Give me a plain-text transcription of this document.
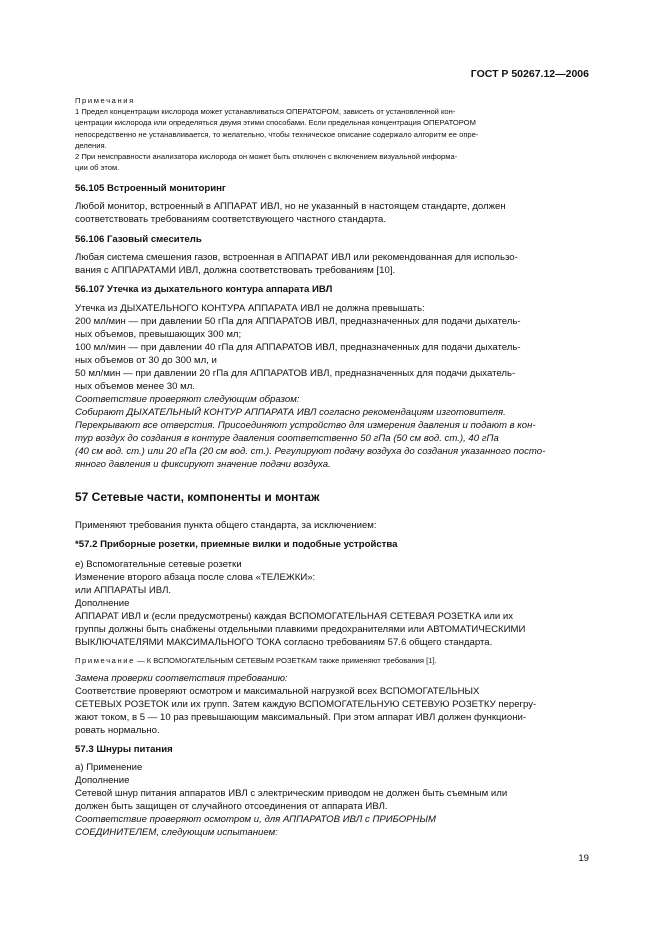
ГОСТ Р 50267.12—2006
Примечания
1 Предел концентрации кислорода может устанавливаться ОПЕРАТОРОМ, зависеть от установленной кон-
центрации кислорода или определяться двумя этими способами. Если предельная концентрация ОПЕРАТОРОМ
непосредственно не устанавливается, то желательно, чтобы техническое описание содержало алгоритм ее опре-
деления.
2 При неисправности анализатора кислорода он может быть отключен с включением визуальной информа-
ции об этом.
56.105 Встроенный мониторинг
Любой монитор, встроенный в АППАРАТ ИВЛ, но не указанный в настоящем стандарте, должен
соответствовать требованиям соответствующего частного стандарта.
56.106 Газовый смеситель
Любая система смешения газов, встроенная в АППАРАТ ИВЛ или рекомендованная для использо-
вания с АППАРАТАМИ ИВЛ, должна соответствовать требованиям [10].
56.107 Утечка из дыхательного контура аппарата ИВЛ
Утечка из ДЫХАТЕЛЬНОГО КОНТУРА АППАРАТА ИВЛ не должна превышать:
200 мл/мин — при давлении 50 гПа для АППАРАТОВ ИВЛ, предназначенных для подачи дыхатель-
ных объемов, превышающих 300 мл;
100 мл/мин — при давлении 40 гПа для АППАРАТОВ ИВЛ, предназначенных для подачи дыхатель-
ных объемов от 30 до 300 мл, и
50 мл/мин — при давлении 20 гПа для АППАРАТОВ ИВЛ, предназначенных для подачи дыхатель-
ных объемов менее 30 мл.
Соответствие проверяют следующим образом:
Собирают ДЫХАТЕЛЬНЫЙ КОНТУР АППАРАТА ИВЛ согласно рекомендациям изготовителя.
Перекрывают все отверстия. Присоединяют устройство для измерения давления и подают в кон-
тур воздух до создания в контуре давления соответственно 50 гПа (50 см вод. ст.), 40 гПа
(40 см вод. ст.) или 20 гПа (20 см вод. ст.). Регулируют подачу воздуха до создания указанного посто-
янного давления и фиксируют значение подачи воздуха.
57 Сетевые части, компоненты и монтаж
Применяют требования пункта общего стандарта, за исключением:
*57.2 Приборные розетки, приемные вилки и подобные устройства
е) Вспомогательные сетевые розетки
Изменение второго абзаца после слова «ТЕЛЕЖКИ»:
или АППАРАТЫ ИВЛ.
Дополнение
АППАРАТ ИВЛ и (если предусмотрены) каждая ВСПОМОГАТЕЛЬНАЯ СЕТЕВАЯ РОЗЕТКА или их
группы должны быть снабжены отдельными плавкими предохранителями или АВТОМАТИЧЕСКИМИ
ВЫКЛЮЧАТЕЛЯМИ МАКСИМАЛЬНОГО ТОКА согласно требованиям 57.6 общего стандарта.
Примечание — К ВСПОМОГАТЕЛЬНЫМ СЕТЕВЫМ РОЗЕТКАМ также применяют требования [1].
Замена проверки соответствия требованию:
Соответствие проверяют осмотром и максимальной нагрузкой всех ВСПОМОГАТЕЛЬНЫХ
СЕТЕВЫХ РОЗЕТОК или их групп. Затем каждую ВСПОМОГАТЕЛЬНУЮ СЕТЕВУЮ РОЗЕТКУ перегру-
жают током, в 5 — 10 раз превышающим максимальный. При этом аппарат ИВЛ должен функциони-
ровать нормально.
57.3 Шнуры питания
а) Применение
Дополнение
Сетевой шнур питания аппаратов ИВЛ с электрическим приводом не должен быть съемным или
должен быть защищен от случайного отсоединения от аппарата ИВЛ.
Соответствие проверяют осмотром и, для АППАРАТОВ ИВЛ с ПРИБОРНЫМ
СОЕДИНИТЕЛЕМ, следующим испытанием:
19
